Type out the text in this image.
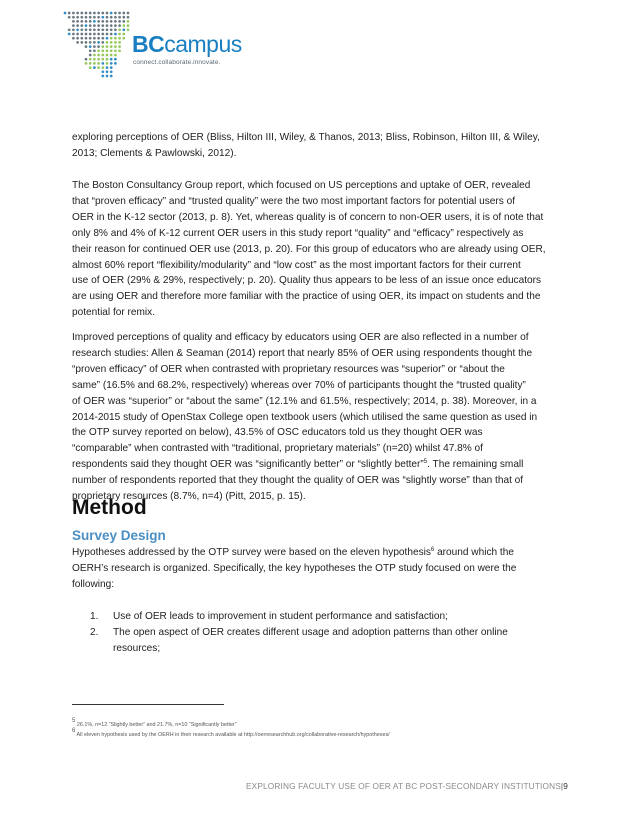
BCcampus
connect.collaborate.innovate.

exploring perceptions of OER (Bliss, Hilton III, Wiley, & Thanos, 2013; Bliss, Robinson, Hilton III, & Wiley,
2013; Clements & Pawlowski, 2012).

The Boston Consultancy Group report, which focused on US perceptions and uptake of OER, revealed
that “proven efficacy” and “trusted quality” were the two most important factors for potential users of
OER in the K-12 sector (2013, p. 8). Yet, whereas quality is of concern to non-OER users, it is of note that
only 8% and 4% of K-12 current OER users in this study report “quality” and “efficacy” respectively as
their reason for continued OER use (2013, p. 20). For this group of educators who are already using OER,
almost 60% report “flexibility/modularity” and “low cost” as the most important factors for their current
use of OER (29% & 29%, respectively; p. 20). Quality thus appears to be less of an issue once educators
are using OER and therefore more familiar with the practice of using OER, its impact on students and the
potential for remix.

Improved perceptions of quality and efficacy by educators using OER are also reflected in a number of
research studies: Allen & Seaman (2014) report that nearly 85% of OER using respondents thought the
“proven efficacy” of OER when contrasted with proprietary resources was “superior” or “about the
same” (16.5% and 68.2%, respectively) whereas over 70% of participants thought the “trusted quality”
of OER was “superior” or “about the same” (12.1% and 61.5%, respectively; 2014, p. 38). Moreover, in a
2014-2015 study of OpenStax College open textbook users (which utilised the same question as used in
the OTP survey reported on below), 43.5% of OSC educators told us they thought OER was
“comparable” when contrasted with “traditional, proprietary materials” (n=20) whilst 47.8% of
respondents said they thought OER was “significantly better” or “slightly better”$^5$. The remaining small
number of respondents reported that they thought the quality of OER was “slightly worse” than that of
proprietary resources (8.7%, n=4) (Pitt, 2015, p. 15).

Method
Survey Design

Hypotheses addressed by the OTP survey were based on the eleven hypothesis$^6$ around which the
OERH’s research is organized. Specifically, the key hypotheses the OTP study focused on were the
following:

1. Use of OER leads to improvement in student performance and satisfaction;
2. The open aspect of OER creates different usage and adoption patterns than other online
resources;
$^5$ 26.1%, n=12 “Slightly better” and 21.7%, n=10 “Significantly better”
$^6$ All eleven hypothesis used by the OERH in their research available at http://oerresearchhub.org/collaborative-research/hypotheses/
EXPLORING FACULTY USE OF OER AT BC POST-SECONDARY INSTITUTIONS|9
